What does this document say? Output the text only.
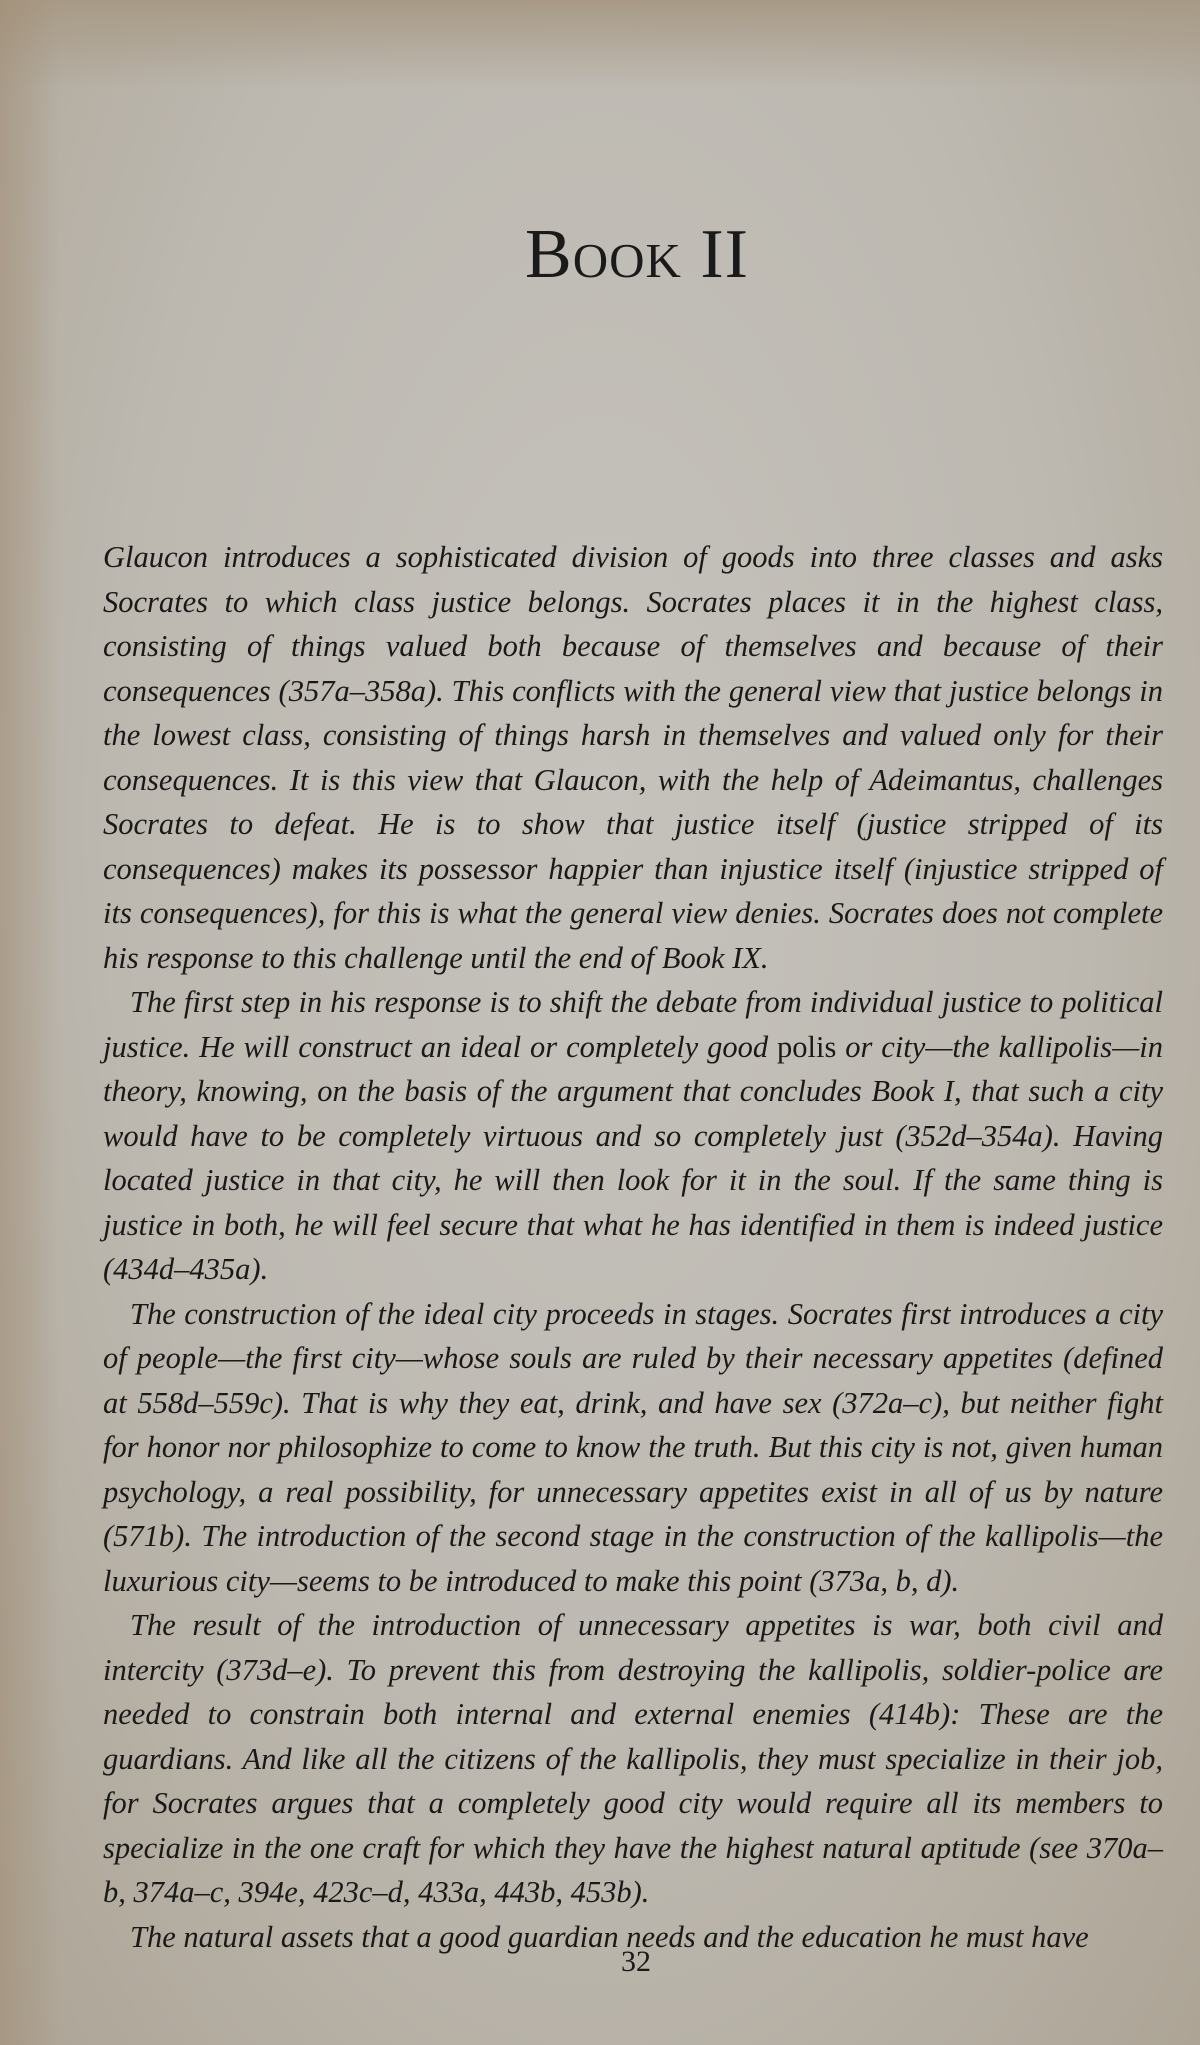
Book II

Glaucon introduces a sophisticated division of goods into three classes and asks Socrates to which class justice belongs. Socrates places it in the highest class, consisting of things valued both because of themselves and because of their consequences (357a–358a). This conflicts with the general view that justice belongs in the lowest class, consisting of things harsh in themselves and valued only for their consequences. It is this view that Glaucon, with the help of Adeimantus, challenges Socrates to defeat. He is to show that justice itself (justice stripped of its consequences) makes its possessor happier than injustice itself (injustice stripped of its consequences), for this is what the general view denies. Socrates does not complete his response to this challenge until the end of Book IX.

The first step in his response is to shift the debate from individual justice to political justice. He will construct an ideal or completely good polis or city—the kallipolis—in theory, knowing, on the basis of the argument that concludes Book I, that such a city would have to be completely virtuous and so completely just (352d–354a). Having located justice in that city, he will then look for it in the soul. If the same thing is justice in both, he will feel secure that what he has identified in them is indeed justice (434d–435a).

The construction of the ideal city proceeds in stages. Socrates first introduces a city of people—the first city—whose souls are ruled by their necessary appetites (defined at 558d–559c). That is why they eat, drink, and have sex (372a–c), but neither fight for honor nor philosophize to come to know the truth. But this city is not, given human psychology, a real possibility, for unnecessary appetites exist in all of us by nature (571b). The introduction of the second stage in the construction of the kallipolis—the luxurious city—seems to be introduced to make this point (373a, b, d).

The result of the introduction of unnecessary appetites is war, both civil and intercity (373d–e). To prevent this from destroying the kallipolis, soldier-police are needed to constrain both internal and external enemies (414b): These are the guardians. And like all the citizens of the kallipolis, they must specialize in their job, for Socrates argues that a completely good city would require all its members to specialize in the one craft for which they have the highest natural aptitude (see 370a–b, 374a–c, 394e, 423c–d, 433a, 443b, 453b).

The natural assets that a good guardian needs and the education he must have

32
